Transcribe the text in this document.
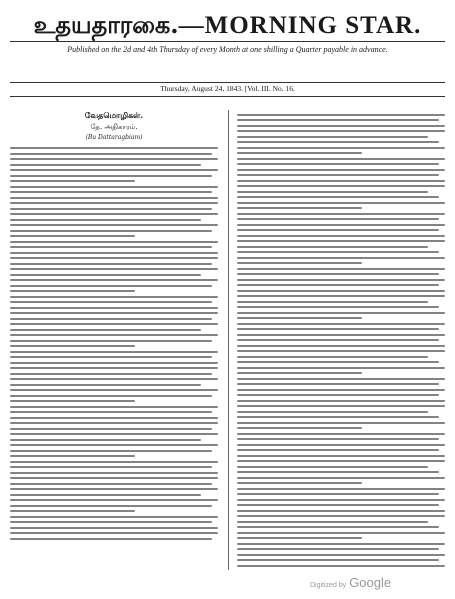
உதயதாரகை.—MORNING STAR.
Published on the 2d and 4th Thursday of every Month at one shilling a Quarter payable in advance.
Thursday, August 24, 1843. [Vol. III. No. 16.
வேதமொழிகள்.
தே. அதிகாரம்.
(Bu Dattaragbiam)
Digitized by Google
